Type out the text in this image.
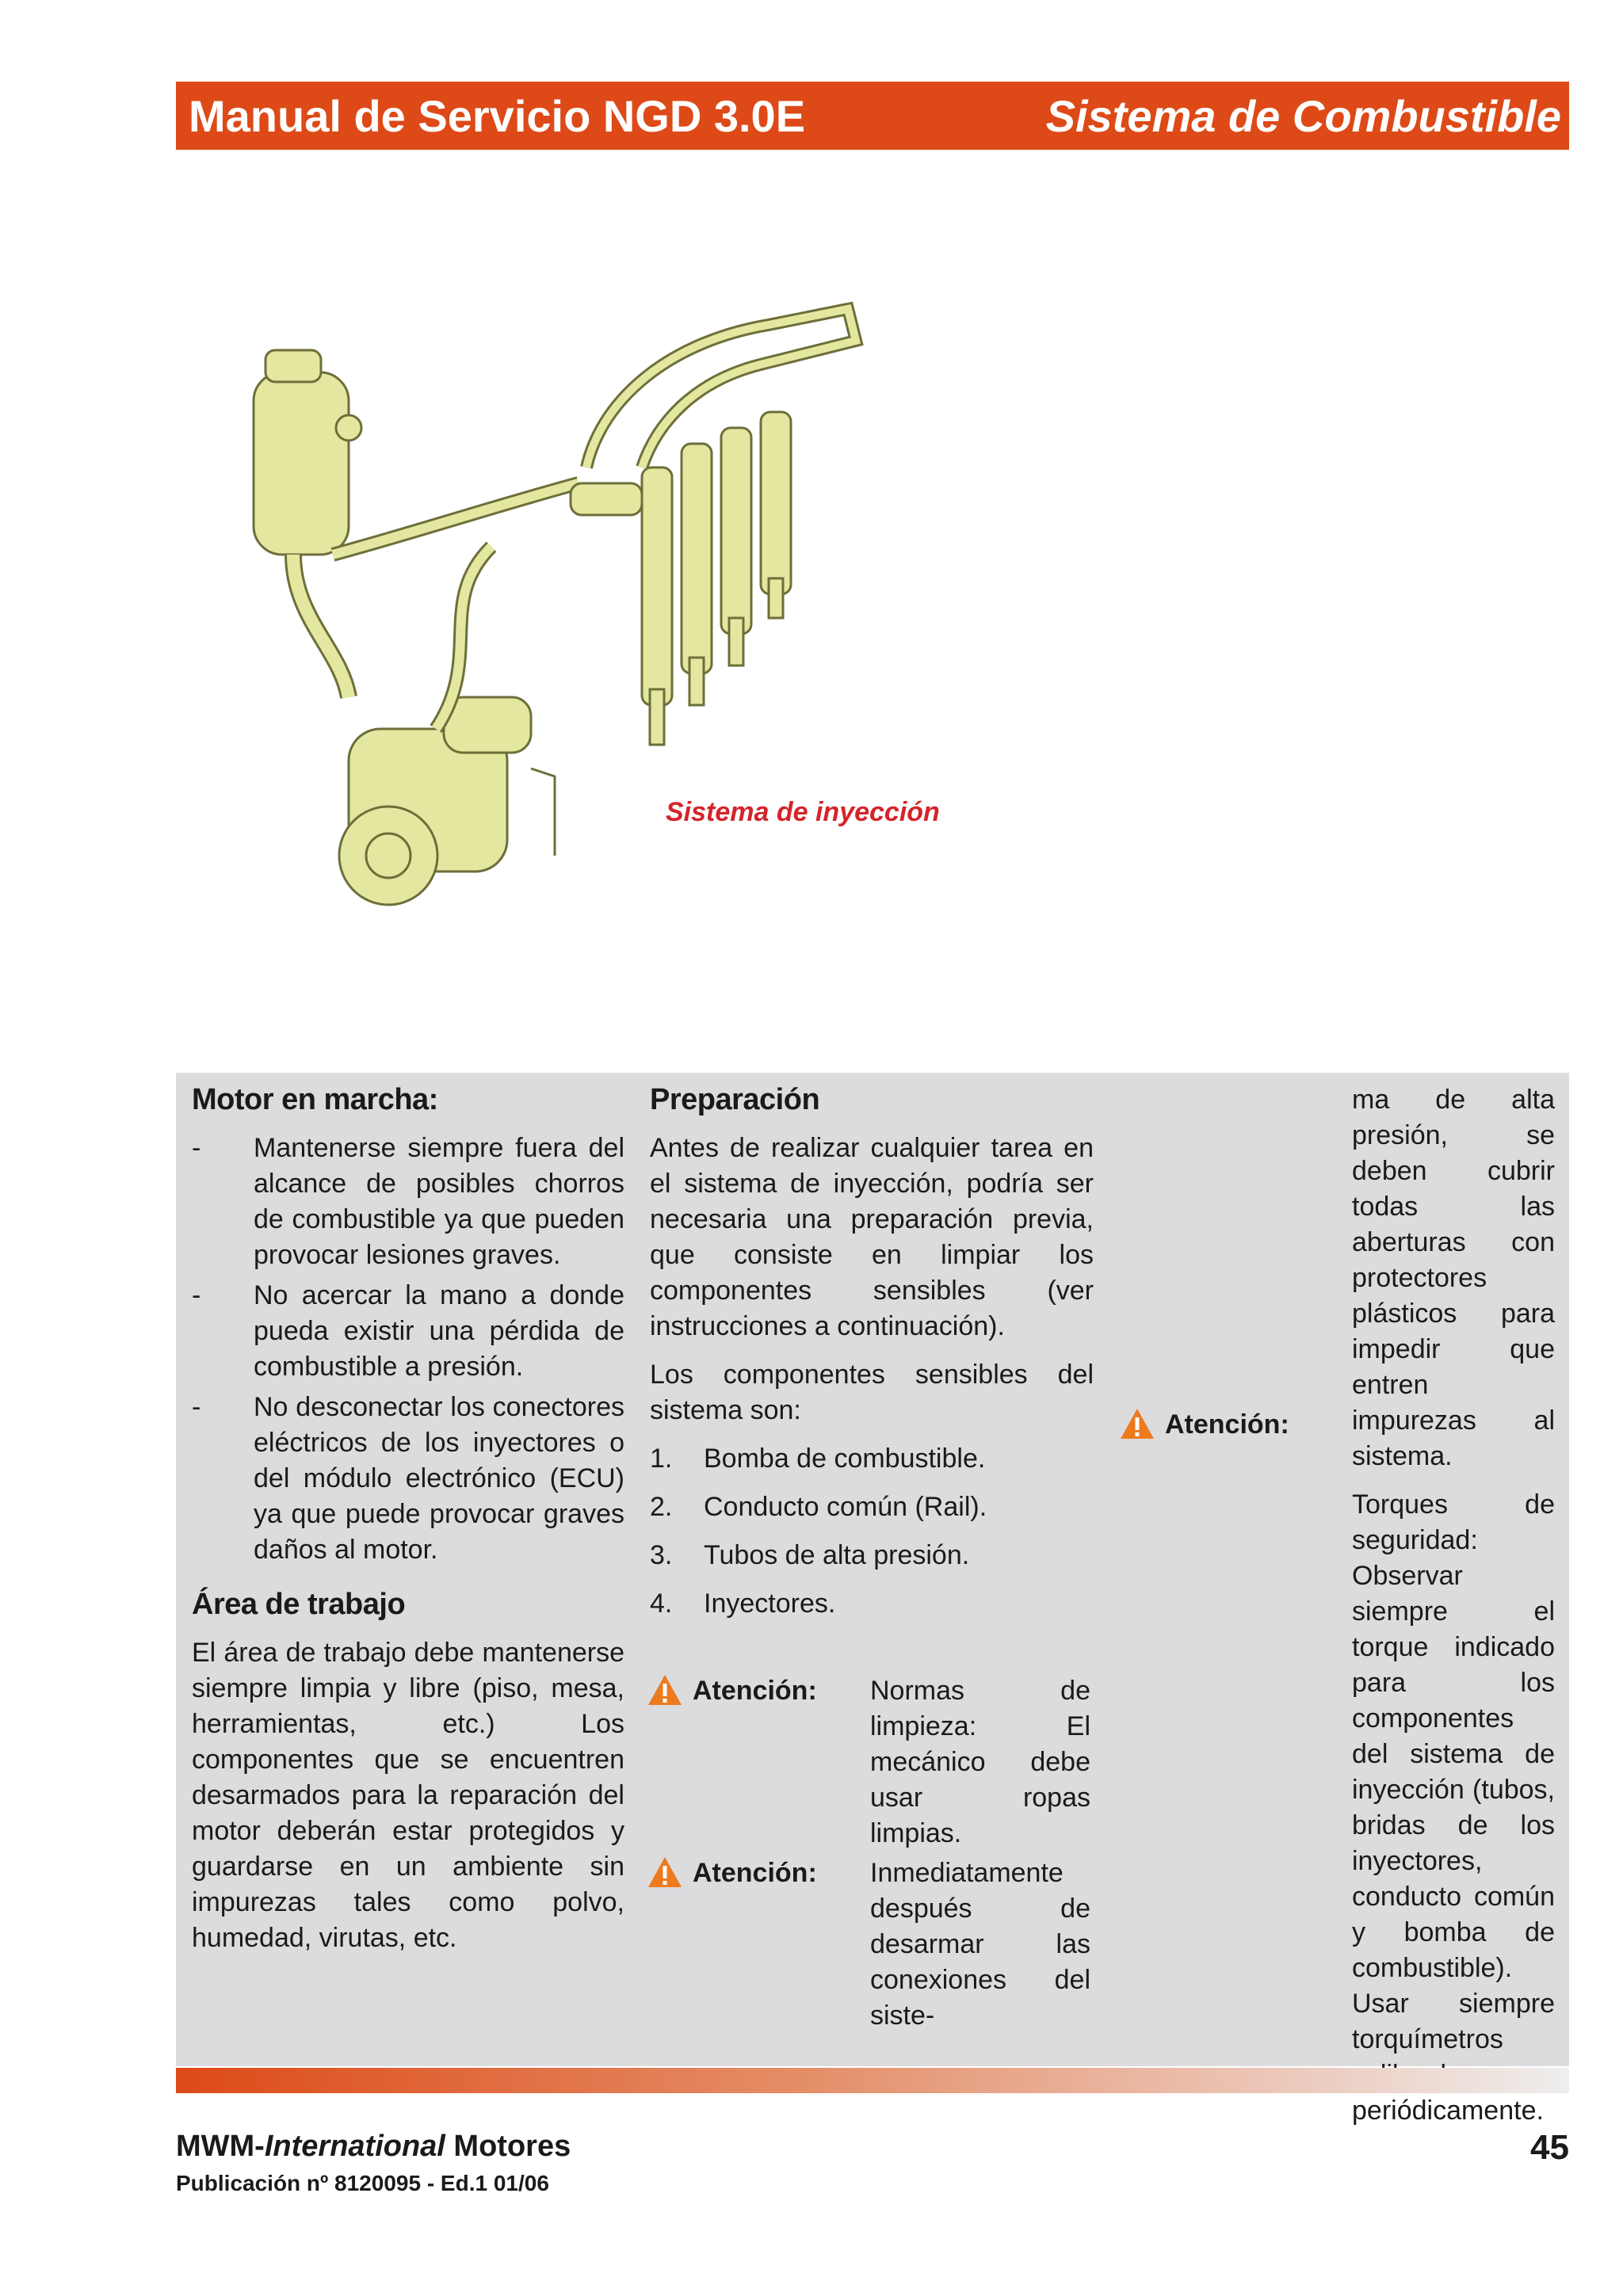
Manual de Servicio NGD 3.0E	Sistema de Combustible
Sistema de inyección
Motor en marcha:
-	Mantenerse siempre fuera del alcance de posibles chorros de combustible ya que pueden provocar lesiones graves.
-	No acercar la mano a donde pueda existir una pérdida de combustible a presión.
-	No desconectar los conectores eléctricos de los inyectores o del módulo electrónico (ECU) ya que puede provocar graves daños al motor.
Área de trabajo
El área de trabajo debe mantenerse siempre limpia y libre (piso, mesa, herramientas, etc.) Los componentes que se encuentren desarmados para la reparación del motor deberán estar protegidos y guardarse en un ambiente sin impurezas tales como polvo, humedad, virutas, etc.
Preparación
Antes de realizar cualquier tarea en el sistema de inyección, podría ser necesaria una preparación previa, que consiste en limpiar los componentes sensibles (ver instrucciones a continuación).
Los componentes sensibles del sistema son:
1.	Bomba de combustible.
2.	Conducto común (Rail).
3.	Tubos de alta presión.
4.	Inyectores.
Atención:	Normas de limpieza: El mecánico debe usar ropas limpias.
Atención:	Inmediatamente después de desarmar las conexiones del siste-
Atención:
ma de alta presión, se deben cubrir todas las aberturas con protectores plásticos para impedir que entren impurezas al sistema.
Torques de seguridad: Observar siempre el torque indicado para los componentes del sistema de inyección (tubos, bridas de los inyectores, conducto común y bomba de combustible). Usar siempre torquímetros periódicamente.
MWM-International Motores
Publicación nº 8120095 - Ed.1 01/06
45
